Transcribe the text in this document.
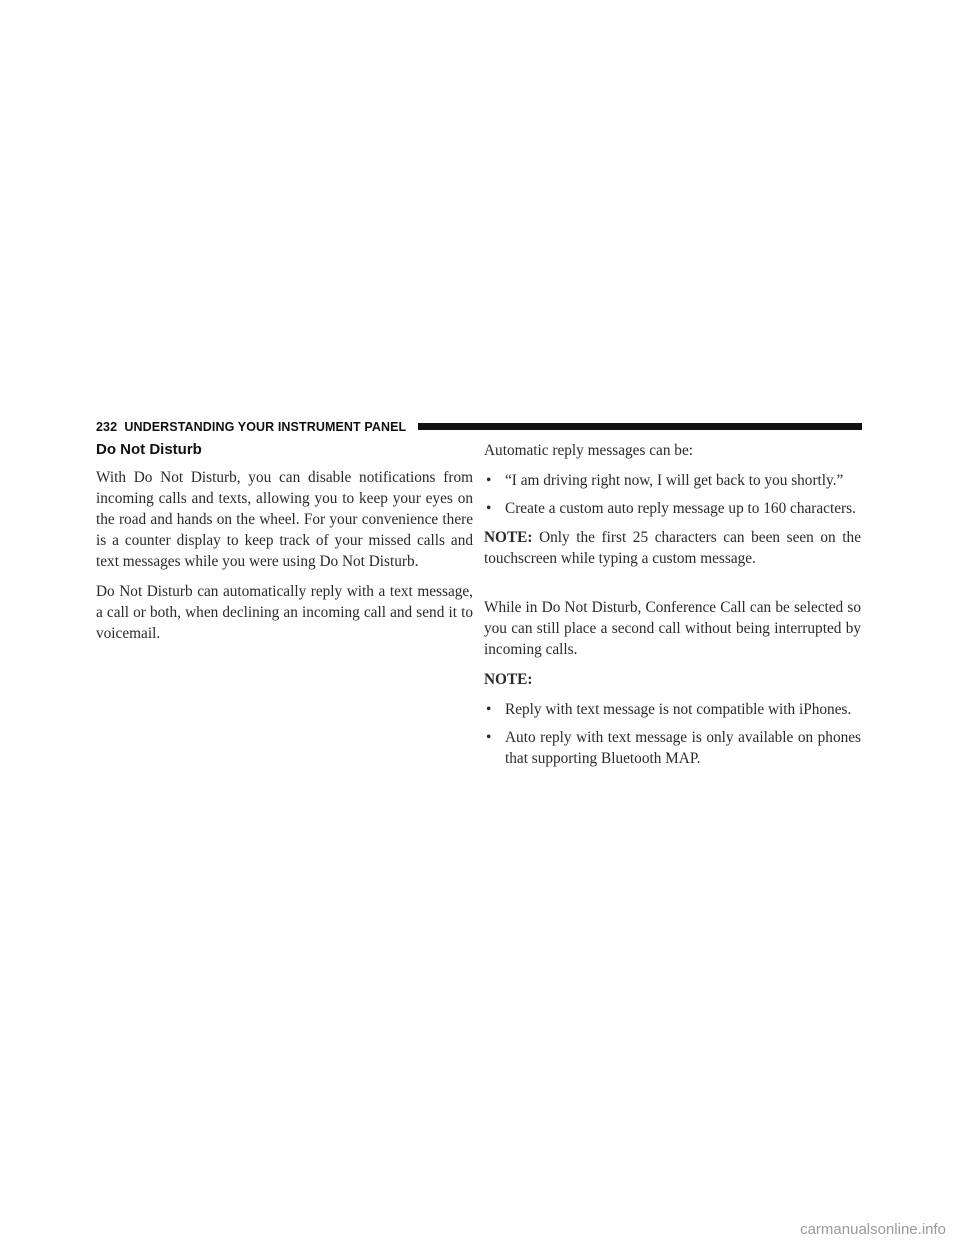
232 UNDERSTANDING YOUR INSTRUMENT PANEL
Do Not Disturb

With Do Not Disturb, you can disable notifications from incoming calls and texts, allowing you to keep your eyes on the road and hands on the wheel. For your convenience there is a counter display to keep track of your missed calls and text messages while you were using Do Not Disturb.

Do Not Disturb can automatically reply with a text message, a call or both, when declining an incoming call and send it to voicemail.

Automatic reply messages can be:

• “I am driving right now, I will get back to you shortly.”
• Create a custom auto reply message up to 160 characters.

NOTE: Only the first 25 characters can been seen on the touchscreen while typing a custom message.

While in Do Not Disturb, Conference Call can be selected so you can still place a second call without being interrupted by incoming calls.

NOTE:

• Reply with text message is not compatible with iPhones.
• Auto reply with text message is only available on phones that supporting Bluetooth MAP.
carmanualsonline.info
